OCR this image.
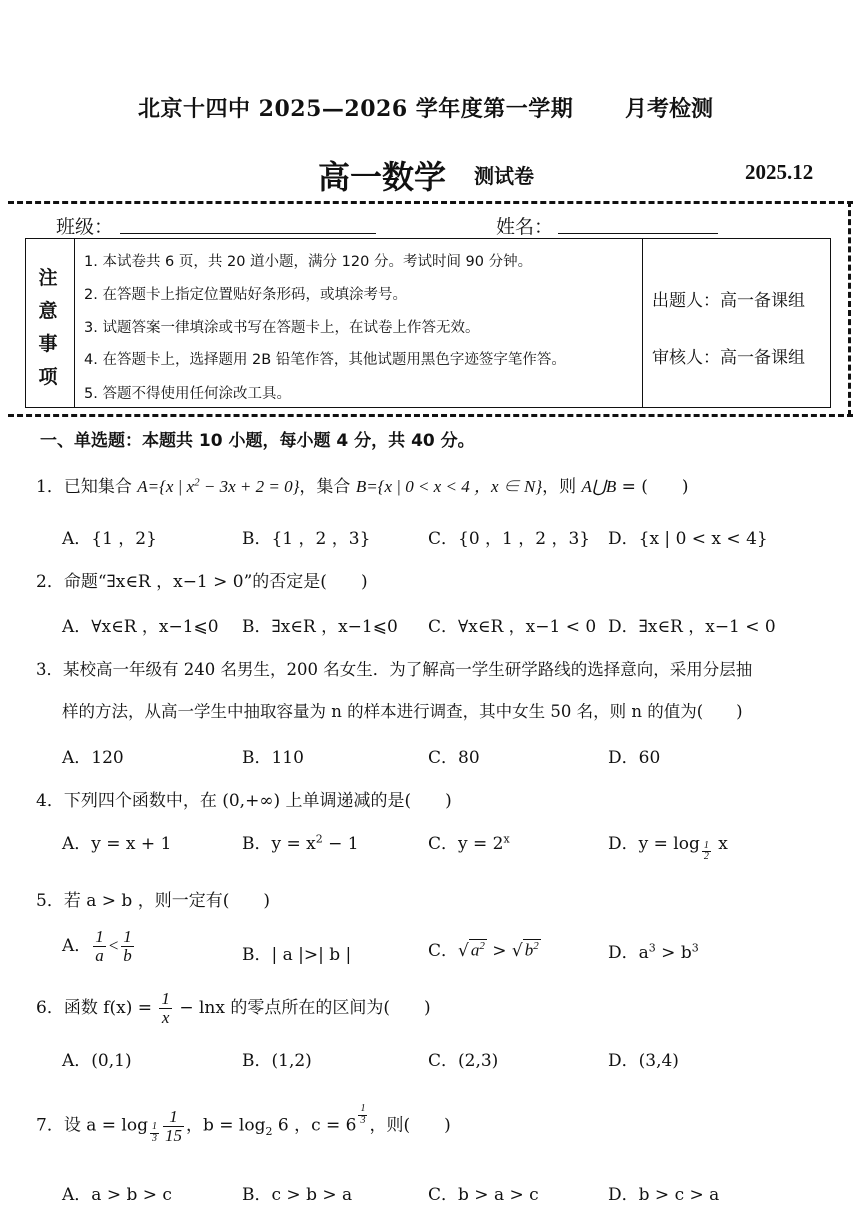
北京十四中 2025—2026 学年度第一学期 月考检测
高一数学 测试卷	2025.12
班级：	姓名：
注意事项
1. 本试卷共 6 页，共 20 道小题，满分 120 分。考试时间 90 分钟。
2. 在答题卡上指定位置贴好条形码，或填涂考号。
3. 试题答案一律填涂或书写在答题卡上，在试卷上作答无效。
4. 在答题卡上，选择题用 2B 铅笔作答，其他试题用黑色字迹签字笔作答。
5. 答题不得使用任何涂改工具。
出题人：高一备课组
审核人：高一备课组
一、单选题：本题共 10 小题，每小题 4 分，共 40 分。
1．已知集合 A={x | $x^2 - 3x + 2 = 0$}，集合 B={x | 0 < x < 4 ，x ∈ N}，则 A⋃B = (　　)
A．{1 ，2}	B．{1 ，2 ，3}	C．{0 ，1 ，2 ，3} D．{x | 0 < x < 4}
2．命题“∃x∈R ，x−1 > 0”的否定是(　　)
A．∀x∈R ，x−1⩽0 B．∃x∈R ，x−1⩽0 C．∀x∈R ，x−1 < 0 D．∃x∈R ，x−1 < 0
3．某校高一年级有 240 名男生，200 名女生．为了解高一学生研学路线的选择意向，采用分层抽
样的方法，从高一学生中抽取容量为 n 的样本进行调查，其中女生 50 名，则 n 的值为(　　)
A．120	B．110	C．80	D．60
4．下列四个函数中，在 (0,+∞) 上单调递减的是(　　)
A．y = x + 1	B．$y = x^2 - 1$	C．$y = 2^x$	D．y = log $_{\frac{1}{2}}$ x
5．若 a > b ，则一定有(　　)
A． $\frac{1}{a} < \frac{1}{b}$	B．| a |>| b |	C．√ $a^2$ > √ $b^2$	D．$a^3 > b^3$
6．函数 $f(x) = \frac{1}{x} - \ln x$ 的零点所在的区间为(　　)
A．(0,1)	B．(1,2)	C．(2,3)	D．(3,4)
7．设 $a = \log _{\frac{1}{3}} \frac{1}{15}$ ，$b = \log_2 6$ ，c = 6 $^{\frac{1}{3}}$ ，则(　　)
A．a > b > c	B．c > b > a	C．b > a > c	D．b > c > a
